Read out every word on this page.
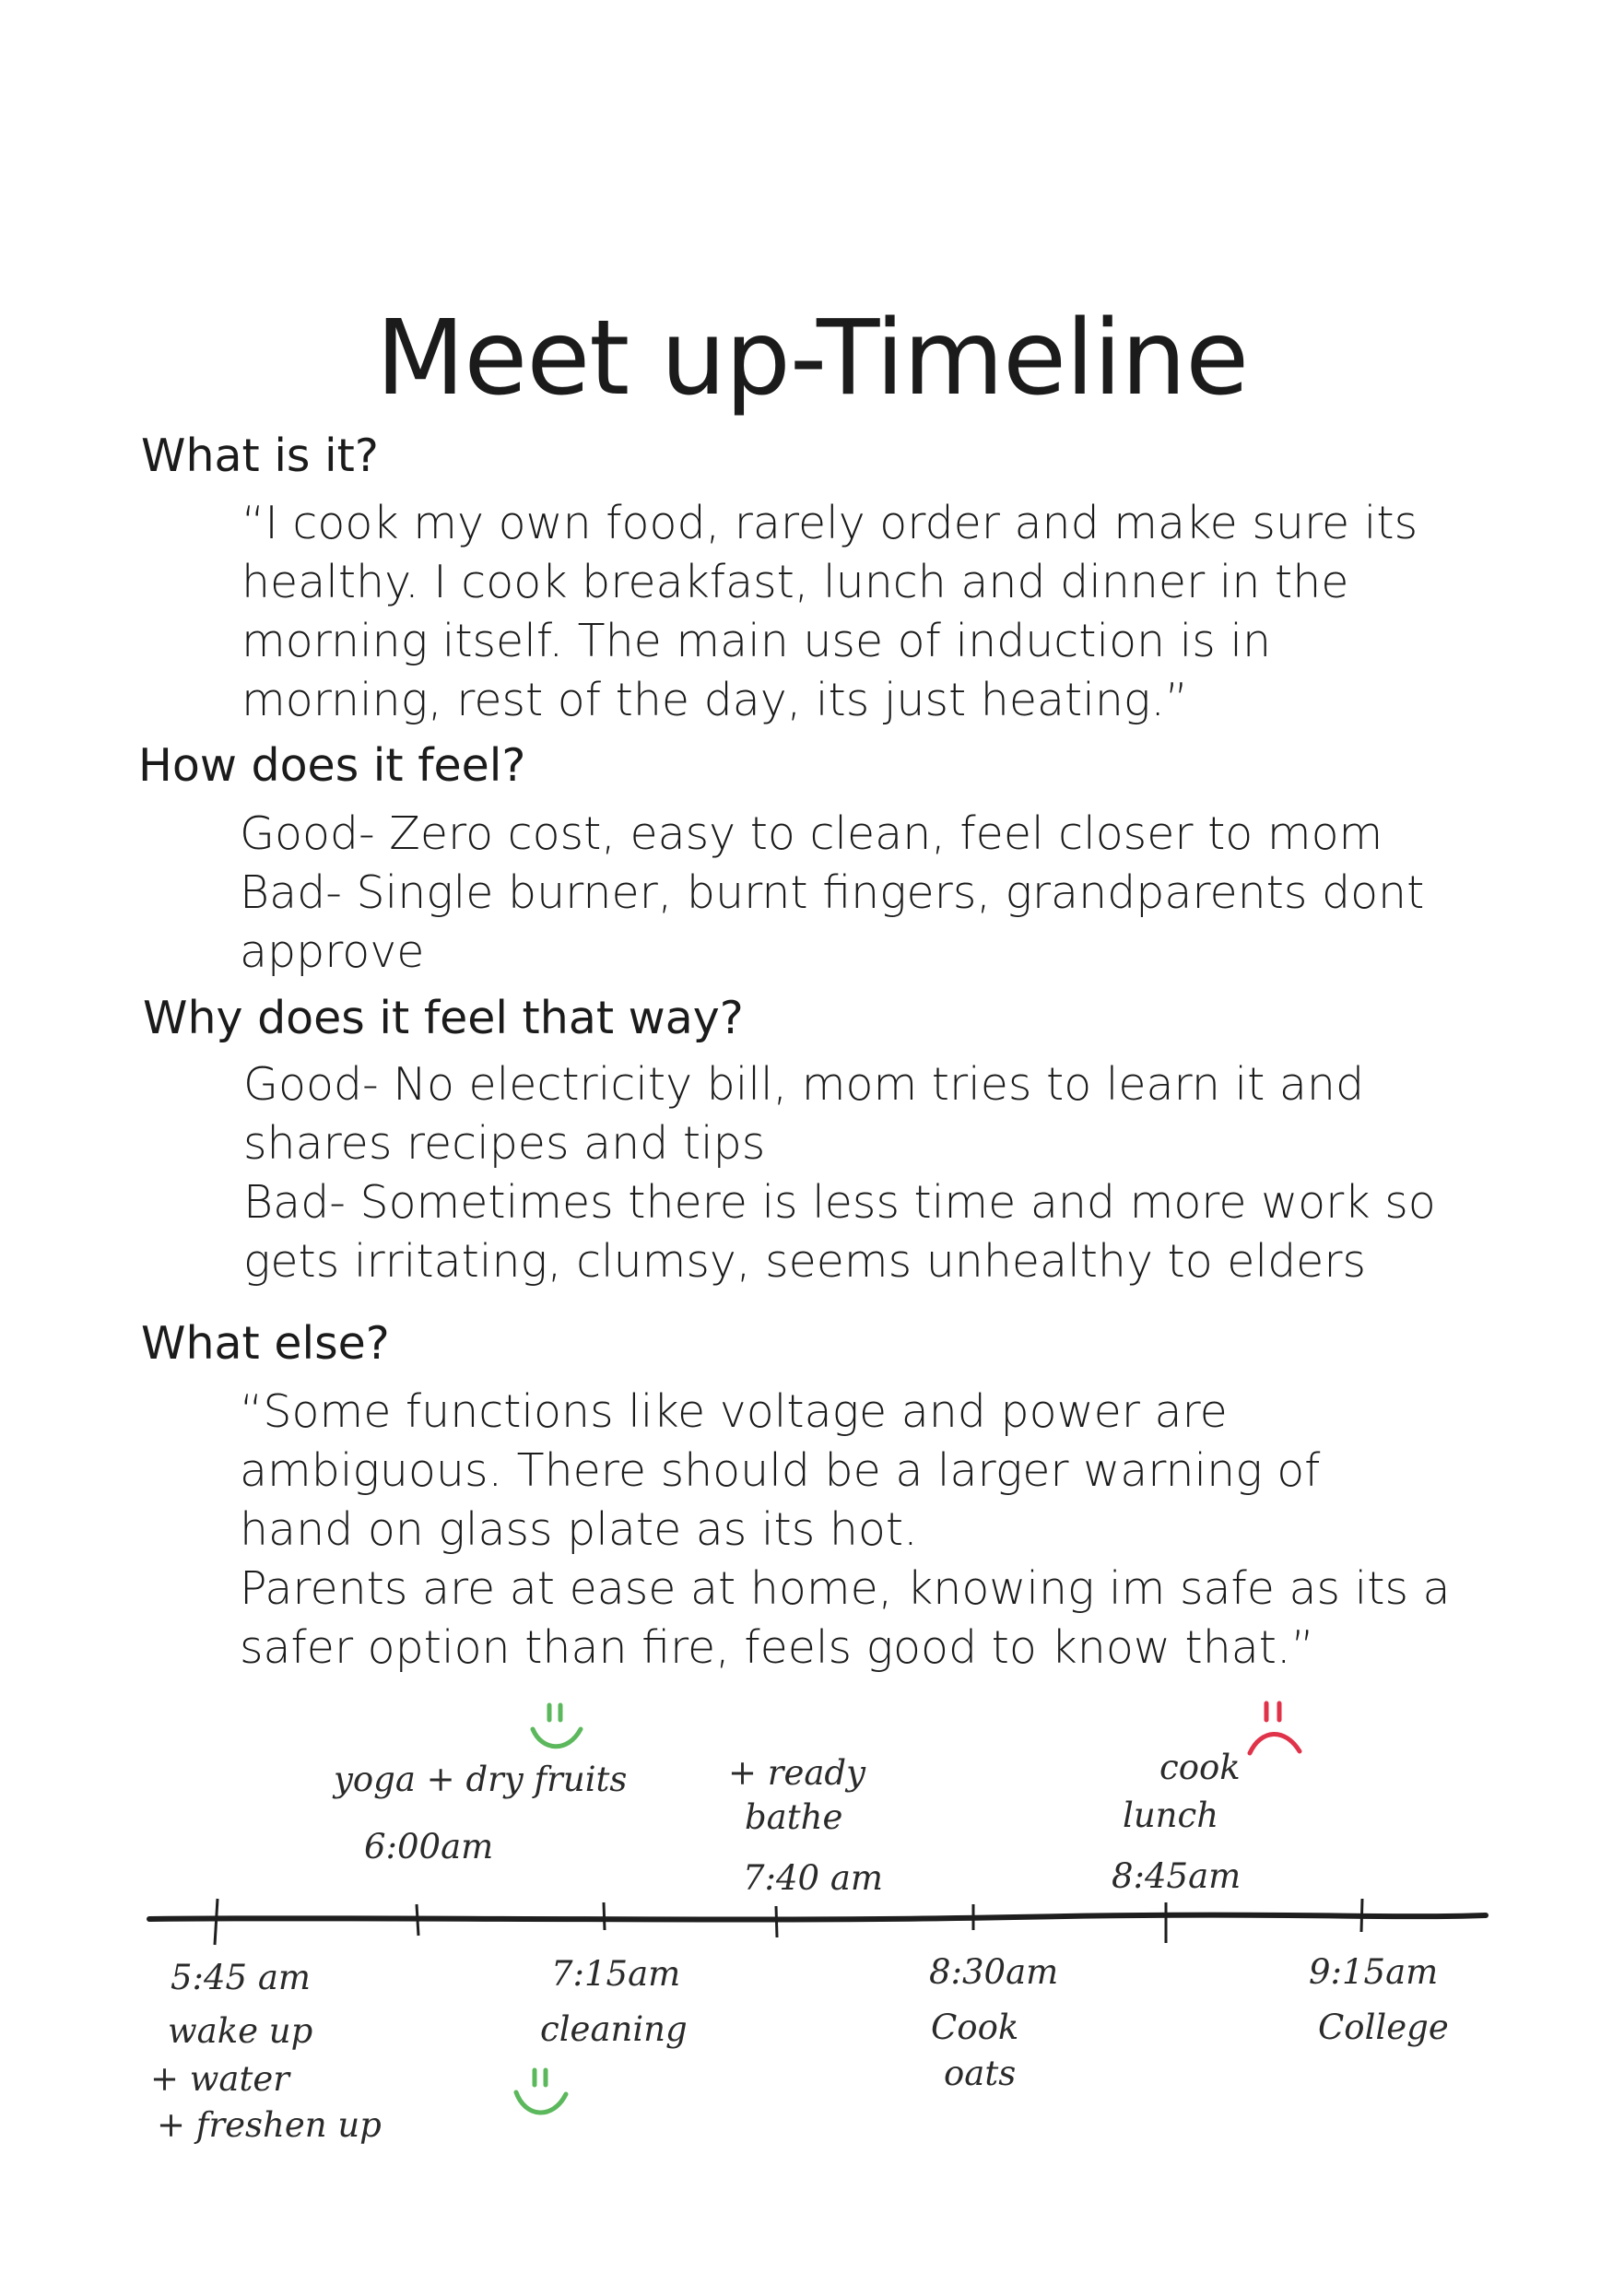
Meet up-Timeline
What is it?

“I cook my own food, rarely order and make sure its
healthy. I cook breakfast, lunch and dinner in the
morning itself. The main use of induction is in
morning, rest of the day, its just heating.”

How does it feel?

Good- Zero cost, easy to clean, feel closer to mom
Bad- Single burner, burnt fingers, grandparents dont
approve

Why does it feel that way?

Good- No electricity bill, mom tries to learn it and
shares recipes and tips
Bad- Sometimes there is less time and more work so
gets irritating, clumsy, seems unhealthy to elders

What else?

“Some functions like voltage and power are
ambiguous. There should be a larger warning of
hand on glass plate as its hot.
Parents are at ease at home, knowing im safe as its a
safer option than fire, feels good to know that.”

yoga + dry fruits
6:00am
+ ready
bathe
7:40 am
cook
lunch
8:45am
5:45 am
wake up
+ water
+ freshen up
7:15am
cleaning
8:30am
Cook
oats
9:15am
College
